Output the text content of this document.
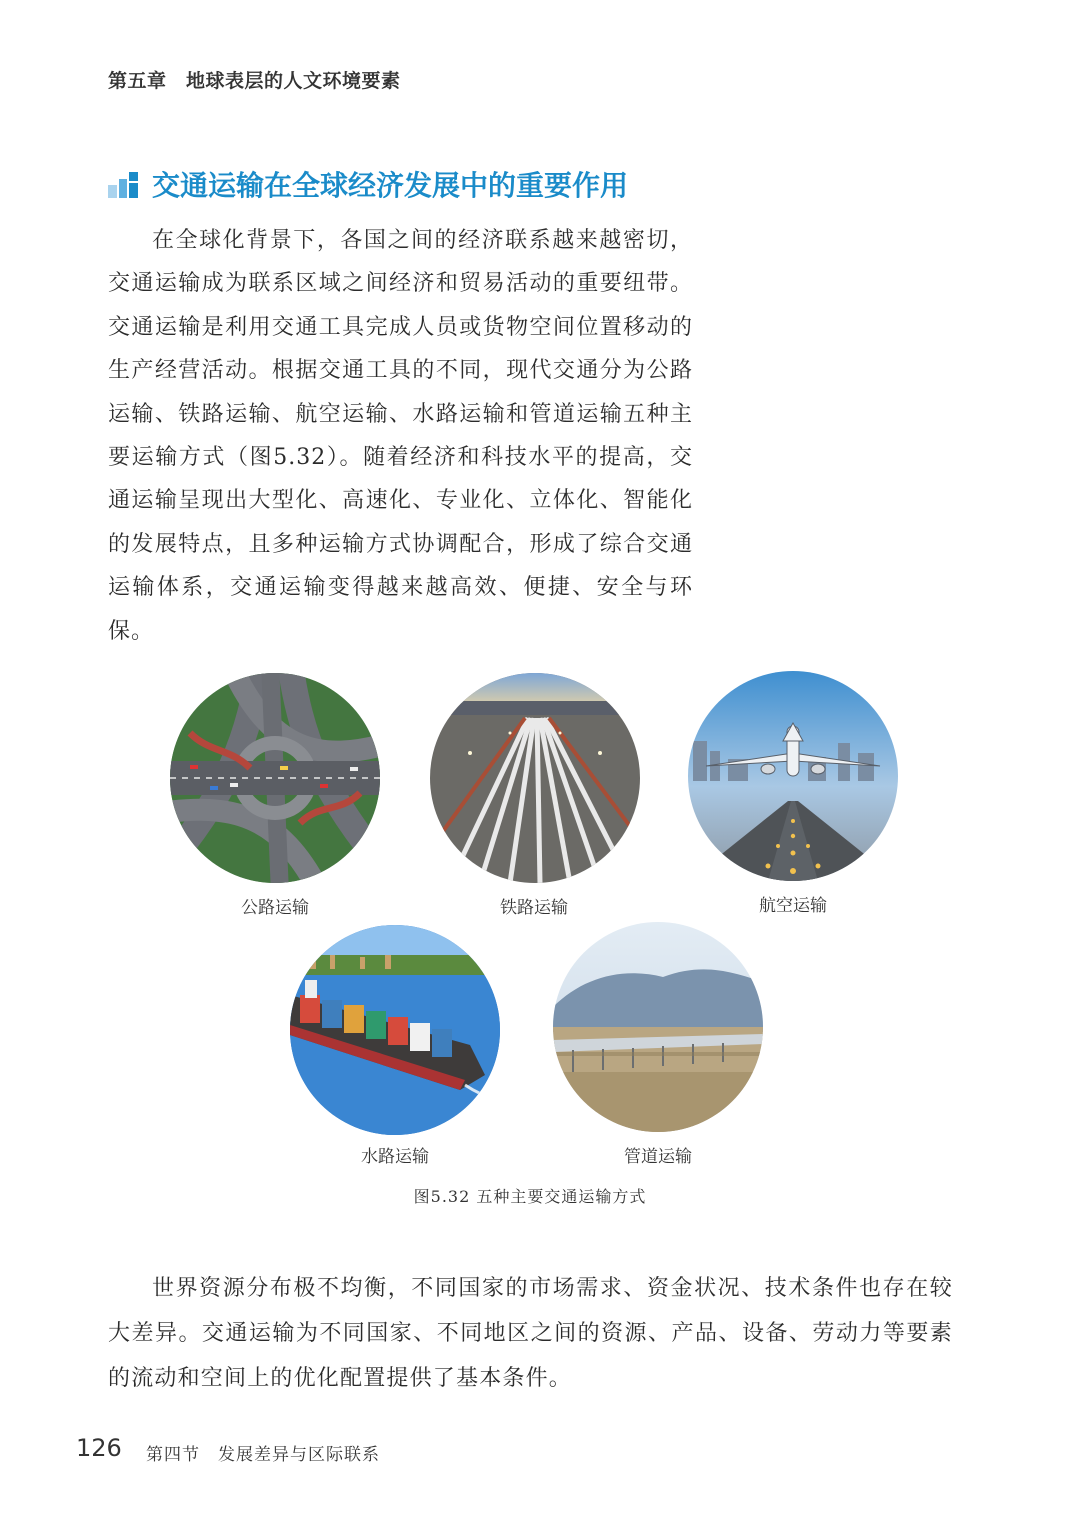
第五章　地球表层的人文环境要素
交通运输在全球经济发展中的重要作用
在全球化背景下，各国之间的经济联系越来越密切，交通运输成为联系区域之间经济和贸易活动的重要纽带。交通运输是利用交通工具完成人员或货物空间位置移动的生产经营活动。根据交通工具的不同，现代交通分为公路运输、铁路运输、航空运输、水路运输和管道运输五种主要运输方式（图5.32）。随着经济和科技水平的提高，交通运输呈现出大型化、高速化、专业化、立体化、智能化的发展特点，且多种运输方式协调配合，形成了综合交通运输体系，交通运输变得越来越高效、便捷、安全与环保。
公路运输	铁路运输	航空运输
水路运输	管道运输
图5.32 五种主要交通运输方式
世界资源分布极不均衡，不同国家的市场需求、资金状况、技术条件也存在较大差异。交通运输为不同国家、不同地区之间的资源、产品、设备、劳动力等要素的流动和空间上的优化配置提供了基本条件。
126 第四节　发展差异与区际联系
